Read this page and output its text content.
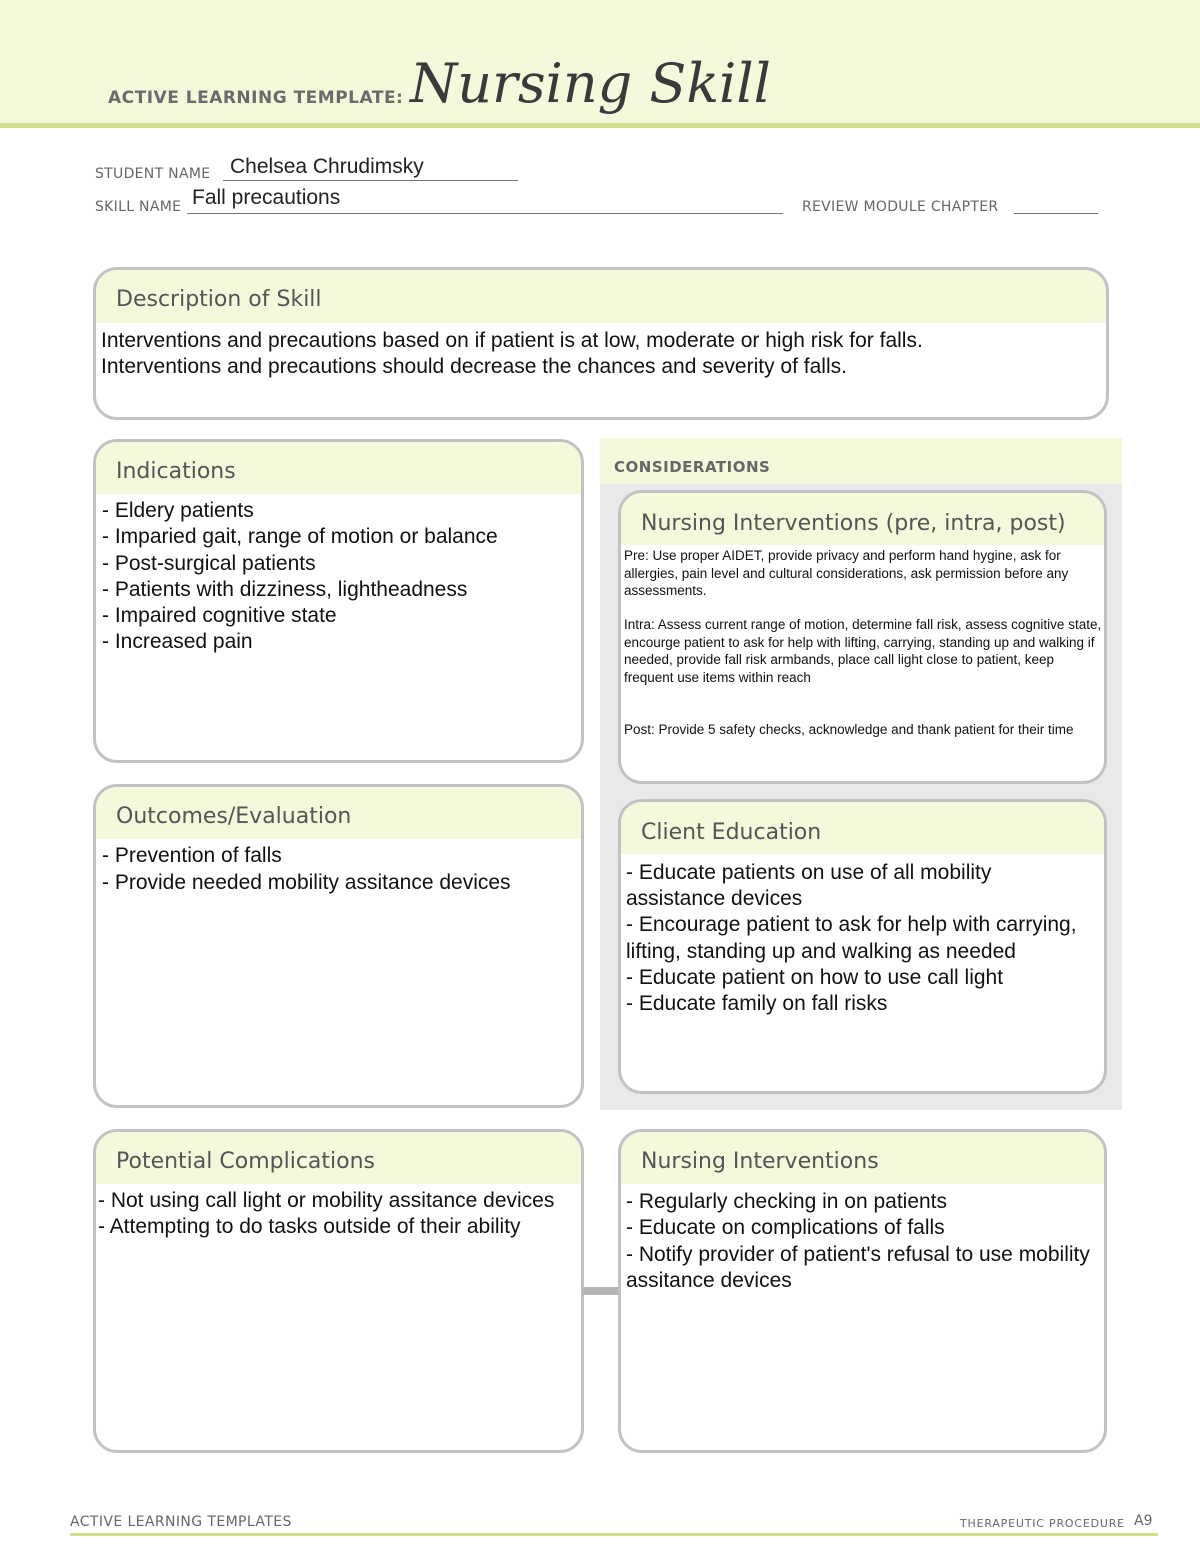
ACTIVE LEARNING TEMPLATE: Nursing Skill
STUDENT NAME Chelsea Chrudimsky
SKILL NAME Fall precautions	REVIEW MODULE CHAPTER
Description of Skill
Interventions and precautions based on if patient is at low, moderate or high risk for falls.
Interventions and precautions should decrease the chances and severity of falls.
Indications
- Eldery patients
- Imparied gait, range of motion or balance
- Post-surgical patients
- Patients with dizziness, lightheadness
- Impaired cognitive state
- Increased pain
Outcomes/Evaluation
- Prevention of falls
- Provide needed mobility assitance devices
CONSIDERATIONS
Nursing Interventions (pre, intra, post)
Pre: Use proper AIDET, provide privacy and perform hand hygine, ask for allergies, pain level and cultural considerations, ask permission before any assessments.
Intra: Assess current range of motion, determine fall risk, assess cognitive state, encourge patient to ask for help with lifting, carrying, standing up and walking if needed, provide fall risk armbands, place call light close to patient, keep frequent use items within reach
Post: Provide 5 safety checks, acknowledge and thank patient for their time
Client Education
- Educate patients on use of all mobility assistance devices
- Encourage patient to ask for help with carrying, lifting, standing up and walking as needed
- Educate patient on how to use call light
- Educate family on fall risks
Potential Complications
- Not using call light or mobility assitance devices
- Attempting to do tasks outside of their ability
Nursing Interventions
- Regularly checking in on patients
- Educate on complications of falls
- Notify provider of patient's refusal to use mobility assitance devices
ACTIVE LEARNING TEMPLATES	THERAPEUTIC PROCEDURE A9
